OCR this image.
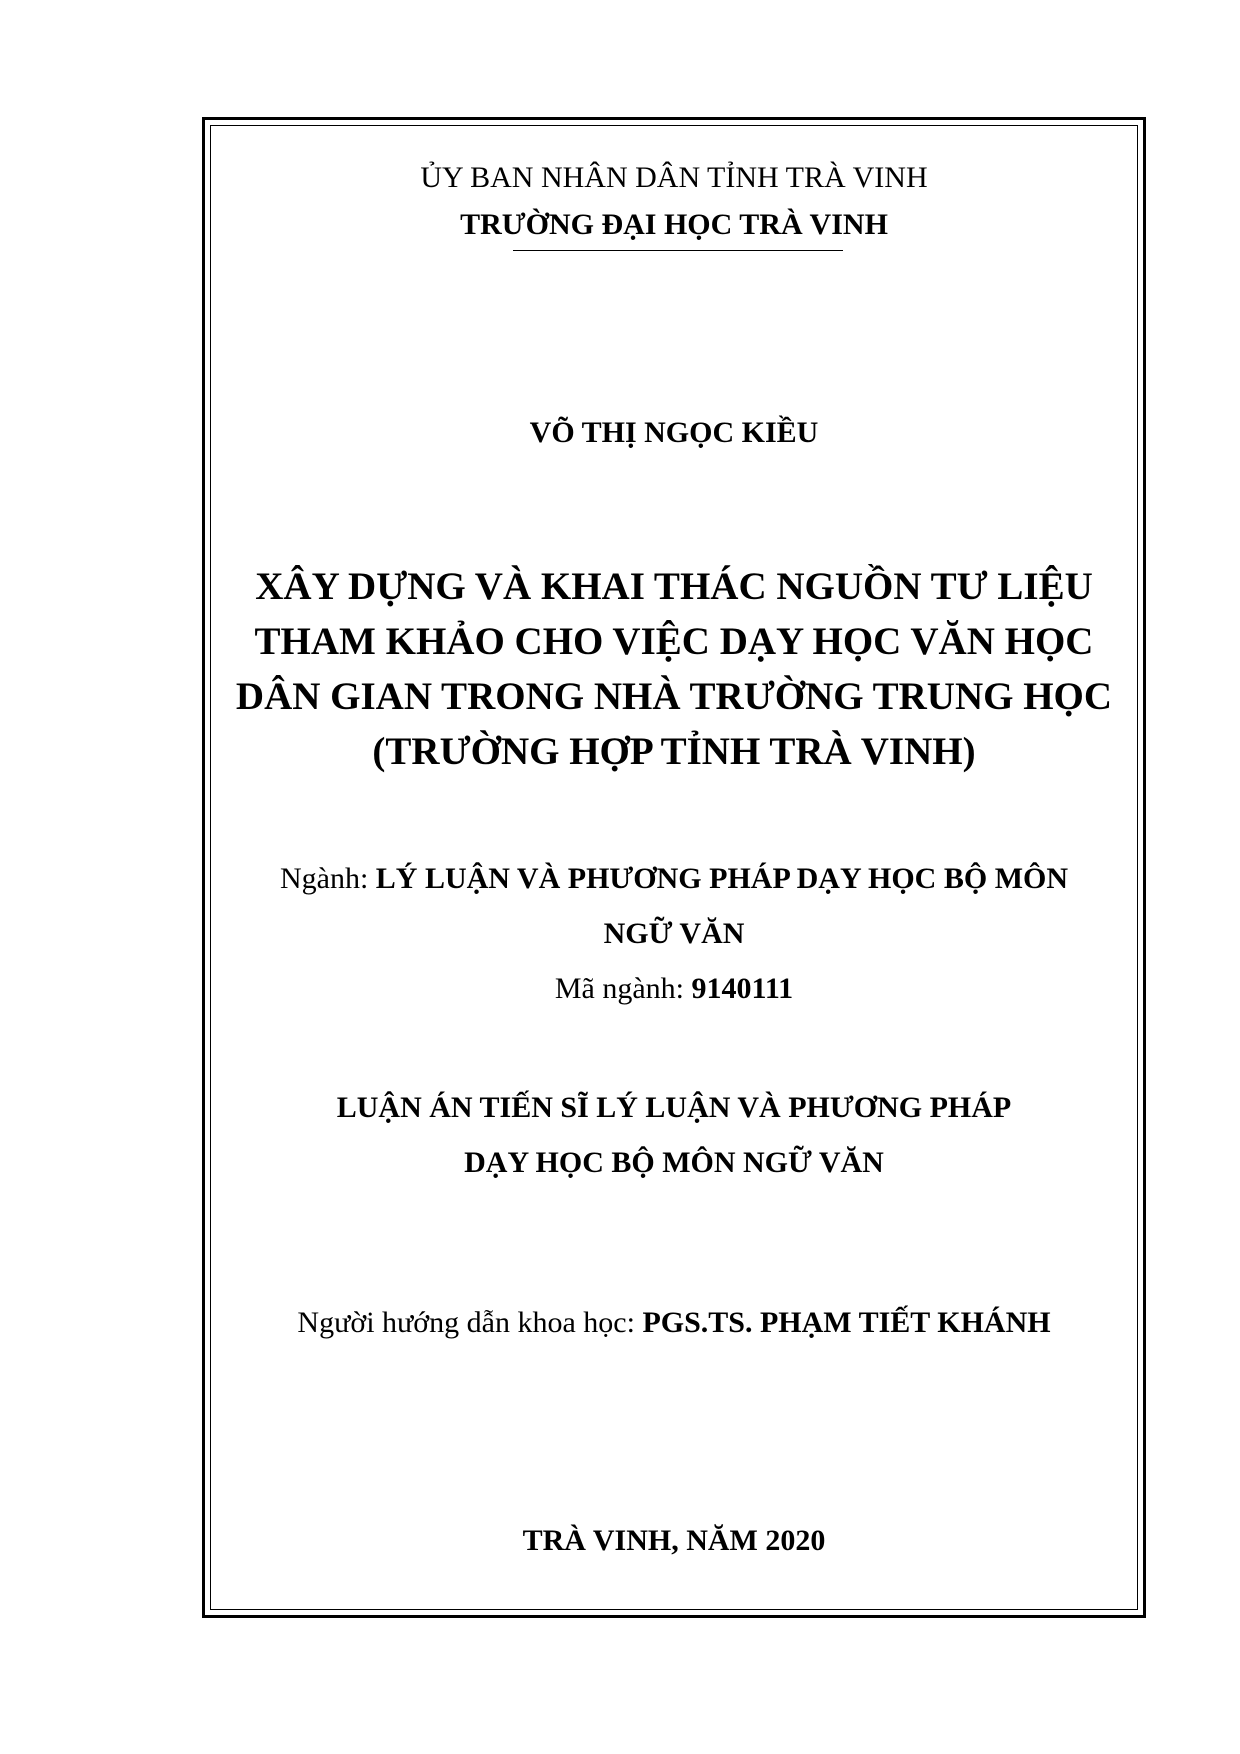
ỦY BAN NHÂN DÂN TỈNH TRÀ VINH
TRƯỜNG ĐẠI HỌC TRÀ VINH
VÕ THỊ NGỌC KIỀU
XÂY DỰNG VÀ KHAI THÁC NGUỒN TƯ LIỆU
THAM KHẢO CHO VIỆC DẠY HỌC VĂN HỌC
DÂN GIAN TRONG NHÀ TRƯỜNG TRUNG HỌC
(TRƯỜNG HỢP TỈNH TRÀ VINH)
Ngành: LÝ LUẬN VÀ PHƯƠNG PHÁP DẠY HỌC BỘ MÔN
NGỮ VĂN
Mã ngành: 9140111
LUẬN ÁN TIẾN SĨ LÝ LUẬN VÀ PHƯƠNG PHÁP
DẠY HỌC BỘ MÔN NGỮ VĂN
Người hướng dẫn khoa học: PGS.TS. PHẠM TIẾT KHÁNH
TRÀ VINH, NĂM 2020
